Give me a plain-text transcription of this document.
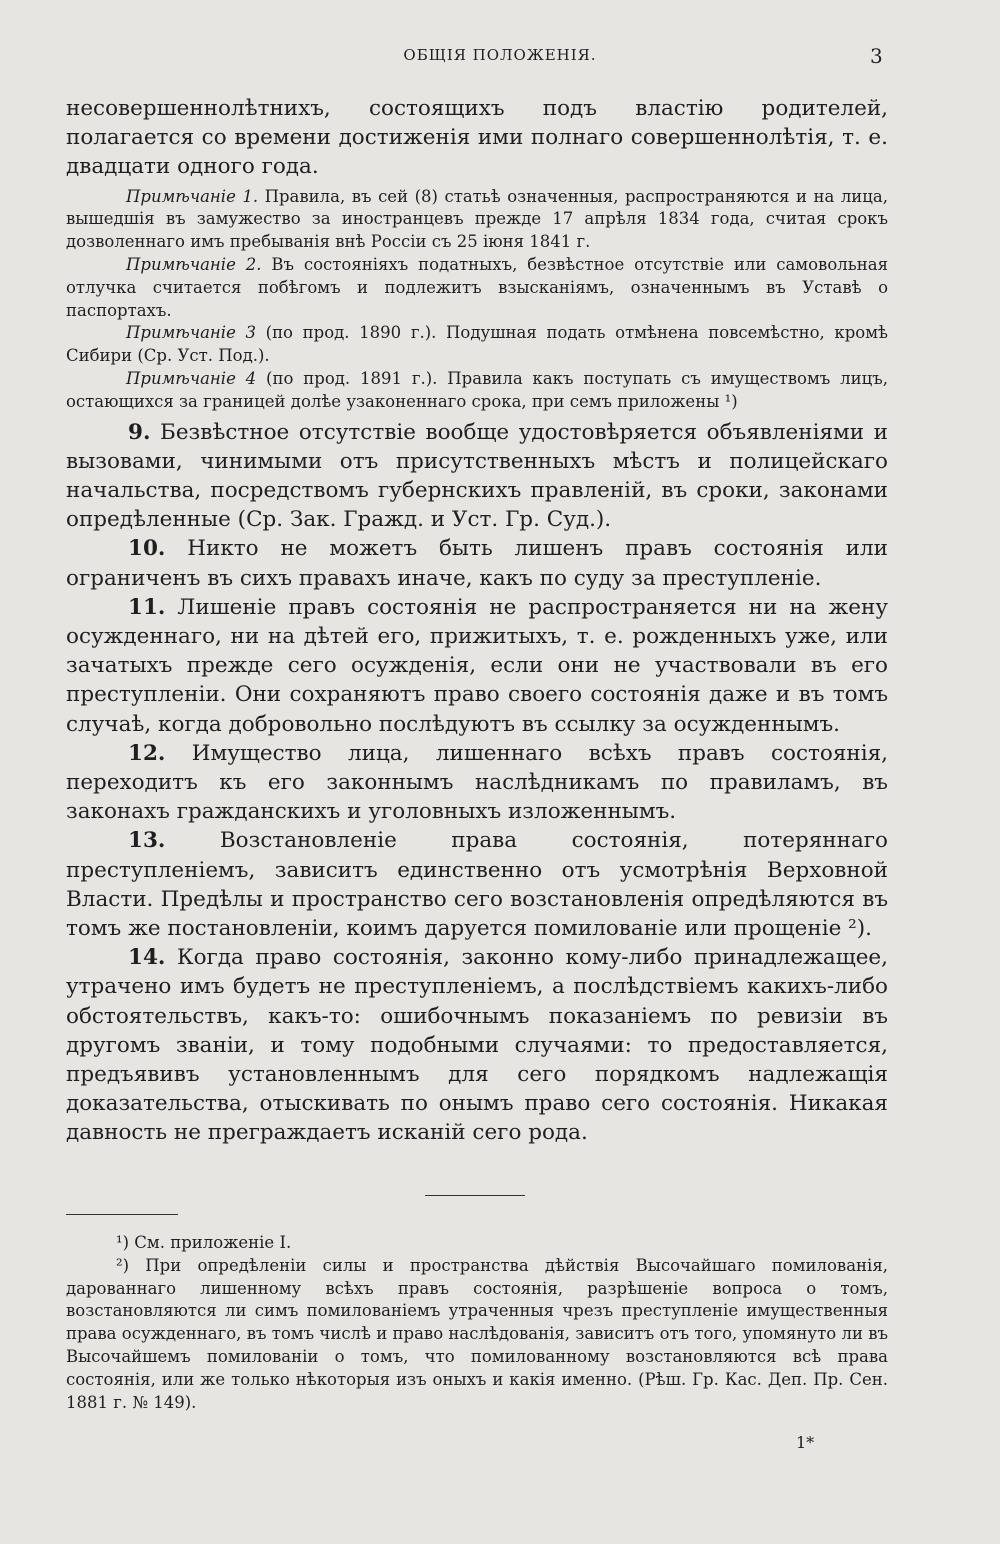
ОБЩІЯ ПОЛОЖЕНІЯ.	3

несовершеннолѣтнихъ, состоящихъ подъ властію родителей, полагается со времени достиженія ими полнаго совершеннолѣтія, т. е. двадцати одного года.

Примѣчаніе 1. Правила, въ сей (8) статьѣ означенныя, распространяются и на лица, вышедшія въ замужество за иностранцевъ прежде 17 апрѣля 1834 года, считая срокъ дозволеннаго имъ пребыванія внѣ Россіи съ 25 іюня 1841 г.

Примѣчаніе 2. Въ состояніяхъ податныхъ, безвѣстное отсутствіе или самовольная отлучка считается побѣгомъ и подлежитъ взысканіямъ, означеннымъ въ Уставѣ о паспортахъ.

Примѣчаніе 3 (по прод. 1890 г.). Подушная подать отмѣнена повсемѣстно, кромѣ Сибири (Ср. Уст. Под.).

Примѣчаніе 4 (по прод. 1891 г.). Правила какъ поступать съ имуществомъ лицъ, остающихся за границей долѣе узаконеннаго срока, при семъ приложены ¹)

9. Безвѣстное отсутствіе вообще удостовѣряется объявленіями и вызовами, чинимыми отъ присутственныхъ мѣстъ и полицейскаго начальства, посредствомъ губернскихъ правленій, въ сроки, законами опредѣленные (Ср. Зак. Гражд. и Уст. Гр. Суд.).

10. Никто не можетъ быть лишенъ правъ состоянія или ограниченъ въ сихъ правахъ иначе, какъ по суду за преступленіе.

11. Лишеніе правъ состоянія не распространяется ни на жену осужденнаго, ни на дѣтей его, прижитыхъ, т. е. рожденныхъ уже, или зачатыхъ прежде сего осужденія, если они не участвовали въ его преступленіи. Они сохраняютъ право своего состоянія даже и въ томъ случаѣ, когда добровольно послѣдуютъ въ ссылку за осужденнымъ.

12. Имущество лица, лишеннаго всѣхъ правъ состоянія, переходитъ къ его законнымъ наслѣдникамъ по правиламъ, въ законахъ гражданскихъ и уголовныхъ изложеннымъ.

13. Возстановленіе права состоянія, потеряннаго преступленіемъ, зависитъ единственно отъ усмотрѣнія Верховной Власти. Предѣлы и пространство сего возстановленія опредѣляются въ томъ же постановленіи, коимъ даруется помилованіе или прощеніе ²).

14. Когда право состоянія, законно кому-либо принадлежащее, утрачено имъ будетъ не преступленіемъ, а послѣдствіемъ какихъ-либо обстоятельствъ, какъ-то: ошибочнымъ показаніемъ по ревизіи въ другомъ званіи, и тому подобными случаями: то предоставляется, предъявивъ установленнымъ для сего порядкомъ надлежащія доказательства, отыскивать по онымъ право сего состоянія. Никакая давность не преграждаетъ исканій сего рода.

¹) См. приложеніе I.

²) При опредѣленіи силы и пространства дѣйствія Высочайшаго помилованія, дарованнаго лишенному всѣхъ правъ состоянія, разрѣшеніе вопроса о томъ, возстановляются ли симъ помилованіемъ утраченныя чрезъ преступленіе имущественныя права осужденнаго, въ томъ числѣ и право наслѣдованія, зависитъ отъ того, упомянуто ли въ Высочайшемъ помилованіи о томъ, что помилованному возстановляются всѣ права состоянія, или же только нѣкоторыя изъ оныхъ и какія именно. (Рѣш. Гр. Кас. Деп. Пр. Сен. 1881 г. № 149).

1*
